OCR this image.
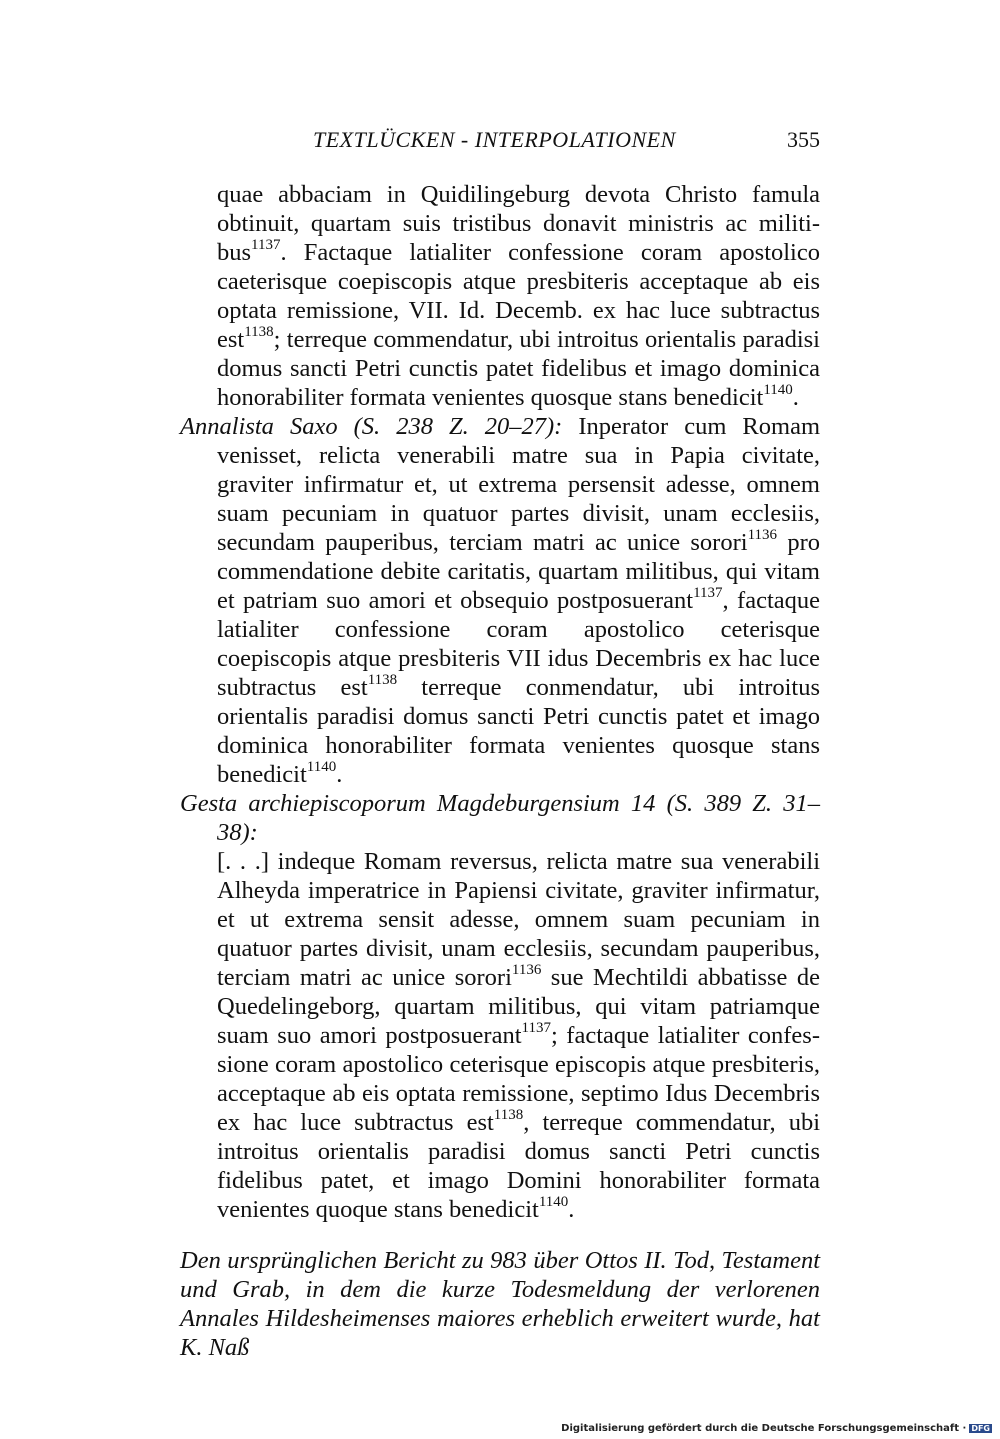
TEXTLÜCKEN - INTERPOLATIONEN	355

quae abbaciam in Quidilingeburg devota Christo famula obtinuit, quartam suis tristibus donavit ministris ac militibus$^{1137}$. Factaque latialiter confessione coram apostolico caeterisque coepiscopis atque presbiteris acceptaque ab eis optata remissione, VII. Id. Decemb. ex hac luce subtractus est$^{1138}$; terreque commendatur, ubi introitus orientalis paradisi domus sancti Petri cunctis patet fidelibus et imago dominica honorabiliter formata venientes quosque stans benedicit$^{1140}$.

Annalista Saxo (S. 238 Z. 20–27): Inperator cum Romam venisset, relicta venerabili matre sua in Papia civitate, graviter infirmatur et, ut extrema persensit adesse, omnem suam pecuniam in quatuor partes divisit, unam ecclesiis, secundam pauperibus, terciam matri ac unice sorori$^{1136}$ pro commendatione debite caritatis, quartam militibus, qui vitam et patriam suo amori et obsequio postposuerant$^{1137}$, factaque latialiter confessione coram apostolico ceterisque coepiscopis atque presbiteris VII idus Decembris ex hac luce subtractus est$^{1138}$ terreque conmendatur, ubi introitus orientalis paradisi domus sancti Petri cunctis patet et imago dominica honorabiliter formata venientes quosque stans benedicit$^{1140}$.

Gesta archiepiscoporum Magdeburgensium 14 (S. 389 Z. 31–38):
[. . .] indeque Romam reversus, relicta matre sua venerabili Alheyda imperatrice in Papiensi civitate, graviter infirmatur, et ut extrema sensit adesse, omnem suam pecuniam in quatuor partes divisit, unam ecclesiis, secundam pauperibus, terciam matri ac unice sorori$^{1136}$ sue Mechtildi abbatisse de Quedelingeborg, quartam militibus, qui vitam patriamque suam suo amori postposuerant$^{1137}$; factaque latialiter confessione coram apostolico ceterisque episcopis atque presbiteris, acceptaque ab eis optata remissione, septimo Idus Decembris ex hac luce subtractus est$^{1138}$, terreque commendatur, ubi introitus orientalis paradisi domus sancti Petri cunctis fidelibus patet, et imago Domini honorabiliter formata venientes quoque stans benedicit$^{1140}$.

Den ursprünglichen Bericht zu 983 über Ottos II. Tod, Testament und Grab, in dem die kurze Todesmeldung der verlorenen Annales Hildesheimenses maiores erheblich erweitert wurde, hat K. Naß

Digitalisierung gefördert durch die Deutsche Forschungsgemeinschaft · DFG
